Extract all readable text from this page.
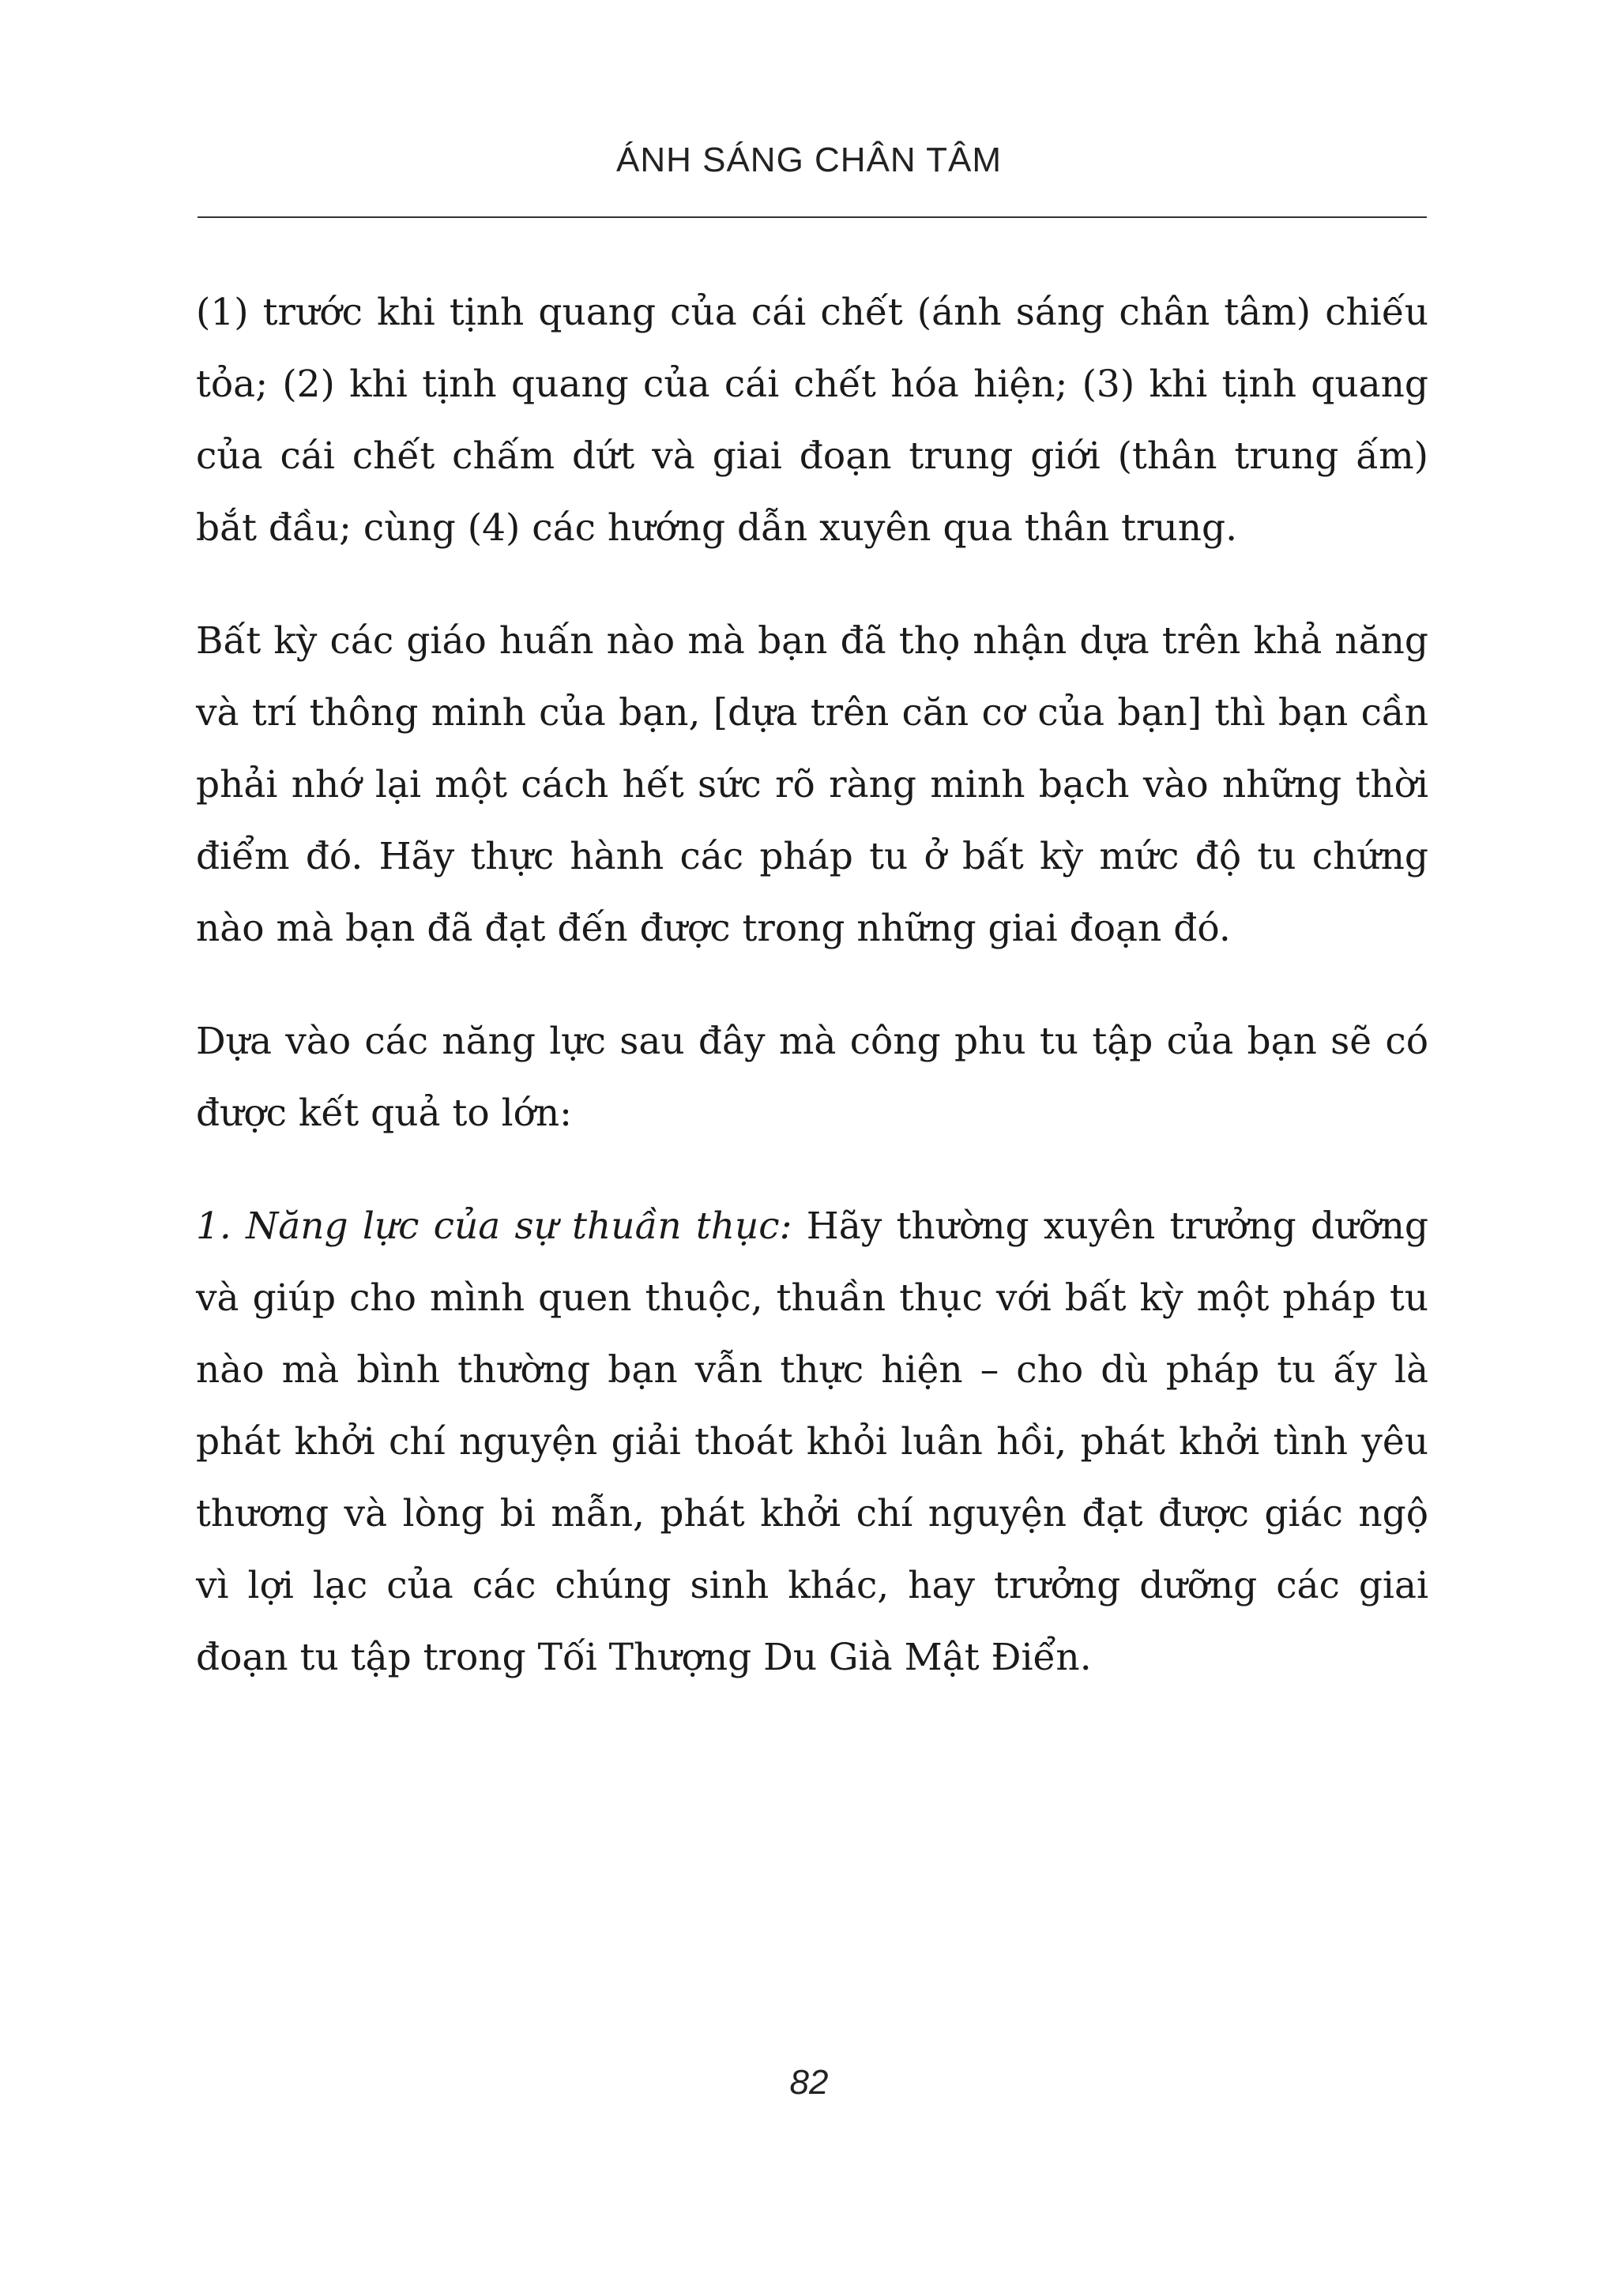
ÁNH SÁNG CHÂN TÂM

(1) trước khi tịnh quang của cái chết (ánh sáng chân tâm) chiếu tỏa; (2) khi tịnh quang của cái chết hóa hiện; (3) khi tịnh quang của cái chết chấm dứt và giai đoạn trung giới (thân trung ấm) bắt đầu; cùng (4) các hướng dẫn xuyên qua thân trung.

Bất kỳ các giáo huấn nào mà bạn đã thọ nhận dựa trên khả năng và trí thông minh của bạn, [dựa trên căn cơ của bạn] thì bạn cần phải nhớ lại một cách hết sức rõ ràng minh bạch vào những thời điểm đó. Hãy thực hành các pháp tu ở bất kỳ mức độ tu chứng nào mà bạn đã đạt đến được trong những giai đoạn đó.

Dựa vào các năng lực sau đây mà công phu tu tập của bạn sẽ có được kết quả to lớn:

1. Năng lực của sự thuần thục: Hãy thường xuyên trưởng dưỡng và giúp cho mình quen thuộc, thuần thục với bất kỳ một pháp tu nào mà bình thường bạn vẫn thực hiện – cho dù pháp tu ấy là phát khởi chí nguyện giải thoát khỏi luân hồi, phát khởi tình yêu thương và lòng bi mẫn, phát khởi chí nguyện đạt được giác ngộ vì lợi lạc của các chúng sinh khác, hay trưởng dưỡng các giai đoạn tu tập trong Tối Thượng Du Già Mật Điển.

82
